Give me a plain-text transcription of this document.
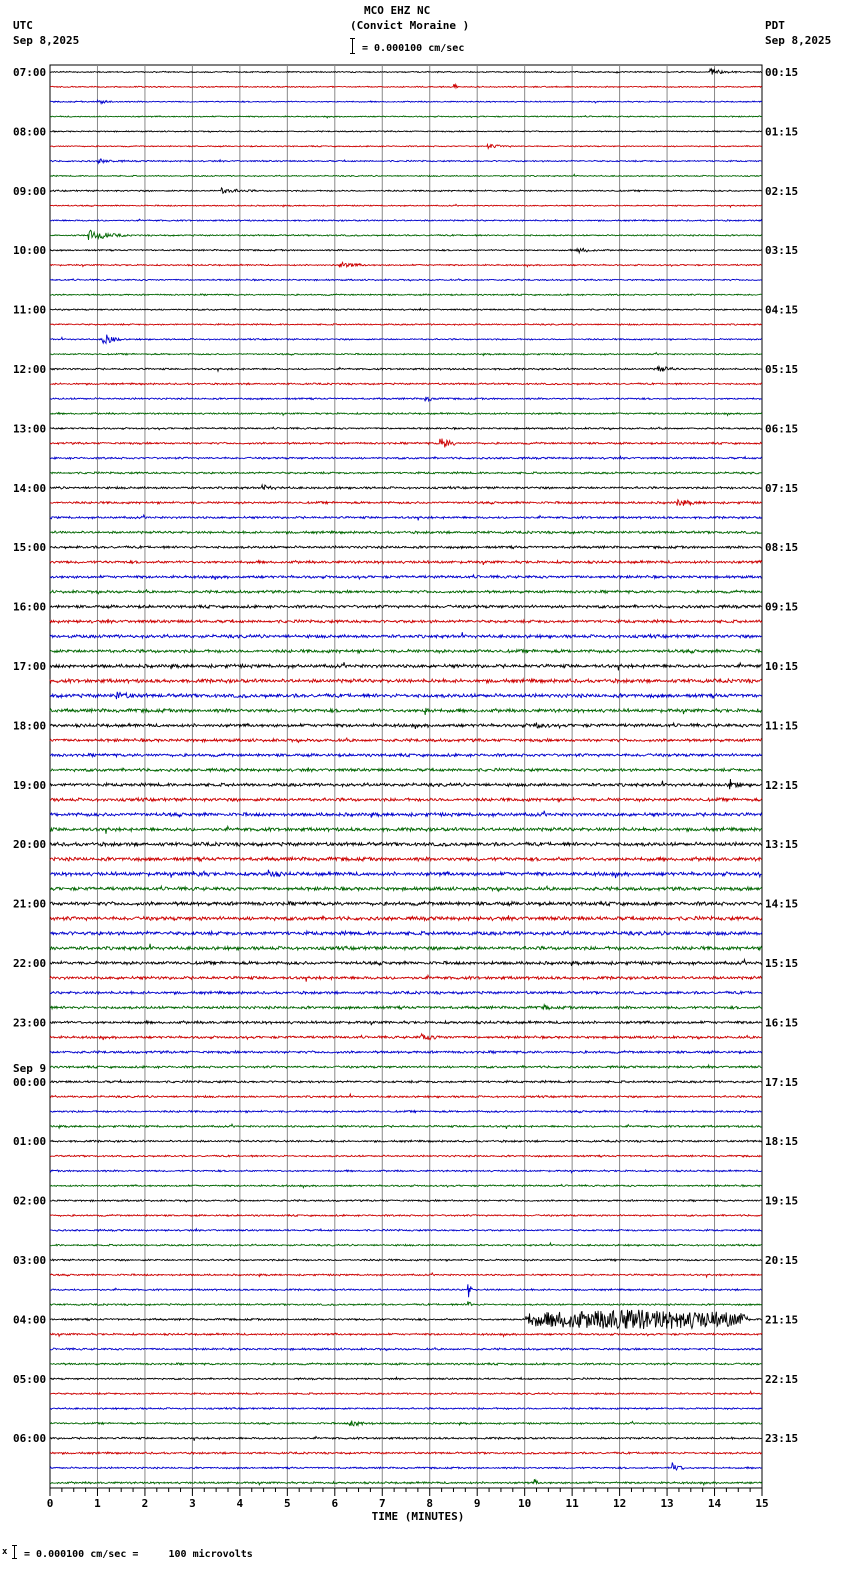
MCO EHZ NC
(Convict Moraine )
= 0.000100 cm/sec
UTC
Sep 8,2025
PDT
Sep 8,2025
07:00
08:00
09:00
10:00
11:00
12:00
13:00
14:00
15:00
16:00
17:00
18:00
19:00
20:00
21:00
22:00
23:00
Sep 9
00:00
01:00
02:00
03:00
04:00
05:00
06:00
00:15
01:15
02:15
03:15
04:15
05:15
06:15
07:15
08:15
09:15
10:15
11:15
12:15
13:15
14:15
15:15
16:15
17:15
18:15
19:15
20:15
21:15
22:15
23:15
0	1	2	3	4	5	6	7	8	9	10	11	12	13	14	15
TIME (MINUTES)
x = 0.000100 cm/sec =     100 microvolts
